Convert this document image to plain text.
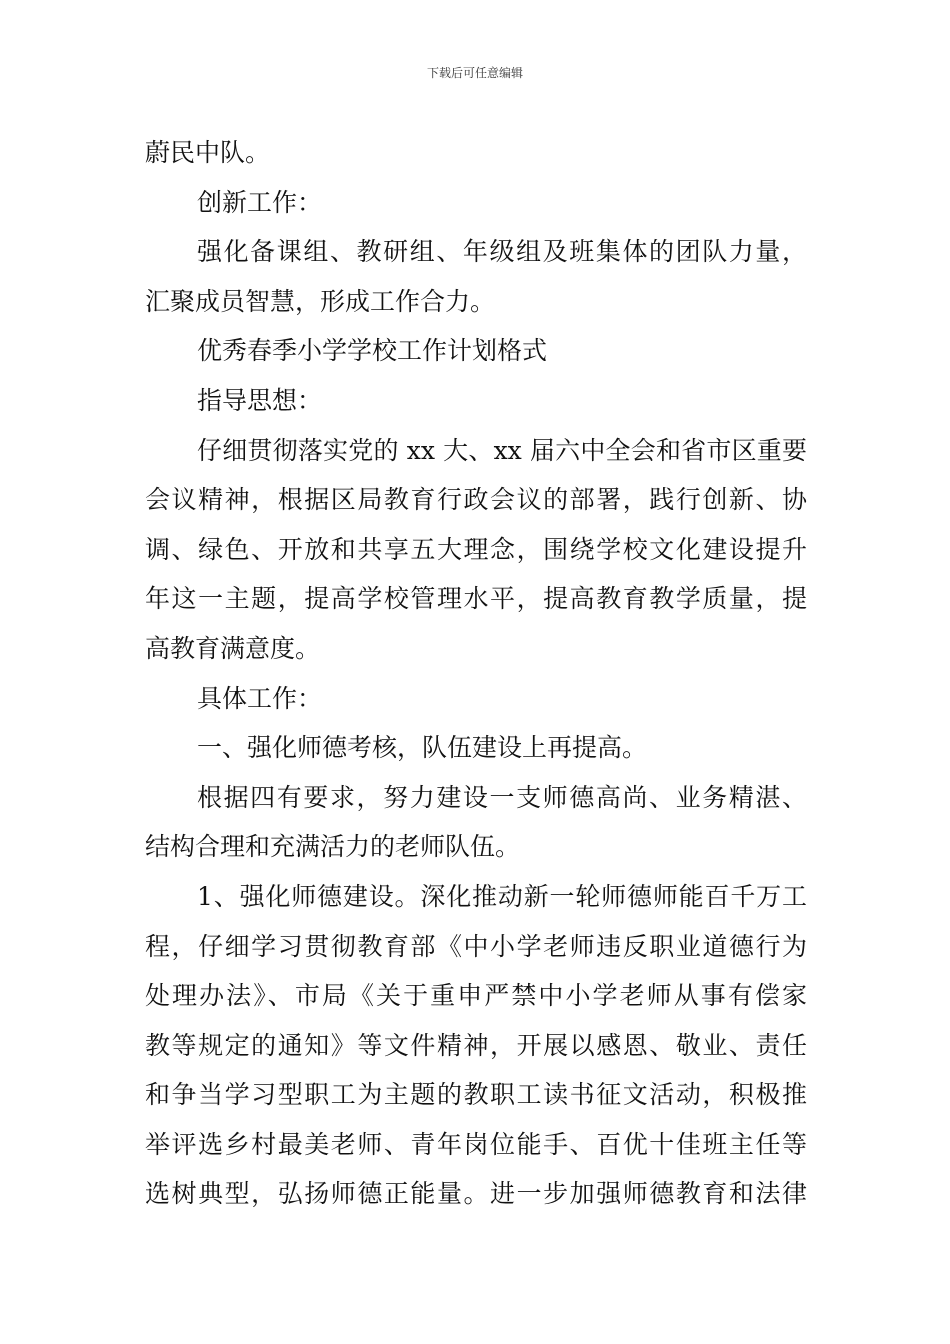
下载后可任意编辑
蔚民中队。
创新工作：
强化备课组、教研组、年级组及班集体的团队力量，
汇聚成员智慧，形成工作合力。
优秀春季小学学校工作计划格式
指导思想：
仔细贯彻落实党的 xx 大、xx 届六中全会和省市区重要
会议精神，根据区局教育行政会议的部署，践行创新、协
调、绿色、开放和共享五大理念，围绕学校文化建设提升
年这一主题，提高学校管理水平，提高教育教学质量，提
高教育满意度。
具体工作：
一、强化师德考核，队伍建设上再提高。
根据四有要求，努力建设一支师德高尚、业务精湛、
结构合理和充满活力的老师队伍。
1、强化师德建设。深化推动新一轮师德师能百千万工
程，仔细学习贯彻教育部《中小学老师违反职业道德行为
处理办法》、市局《关于重申严禁中小学老师从事有偿家
教等规定的通知》等文件精神，开展以感恩、敬业、责任
和争当学习型职工为主题的教职工读书征文活动，积极推
举评选乡村最美老师、青年岗位能手、百优十佳班主任等
选树典型，弘扬师德正能量。进一步加强师德教育和法律
